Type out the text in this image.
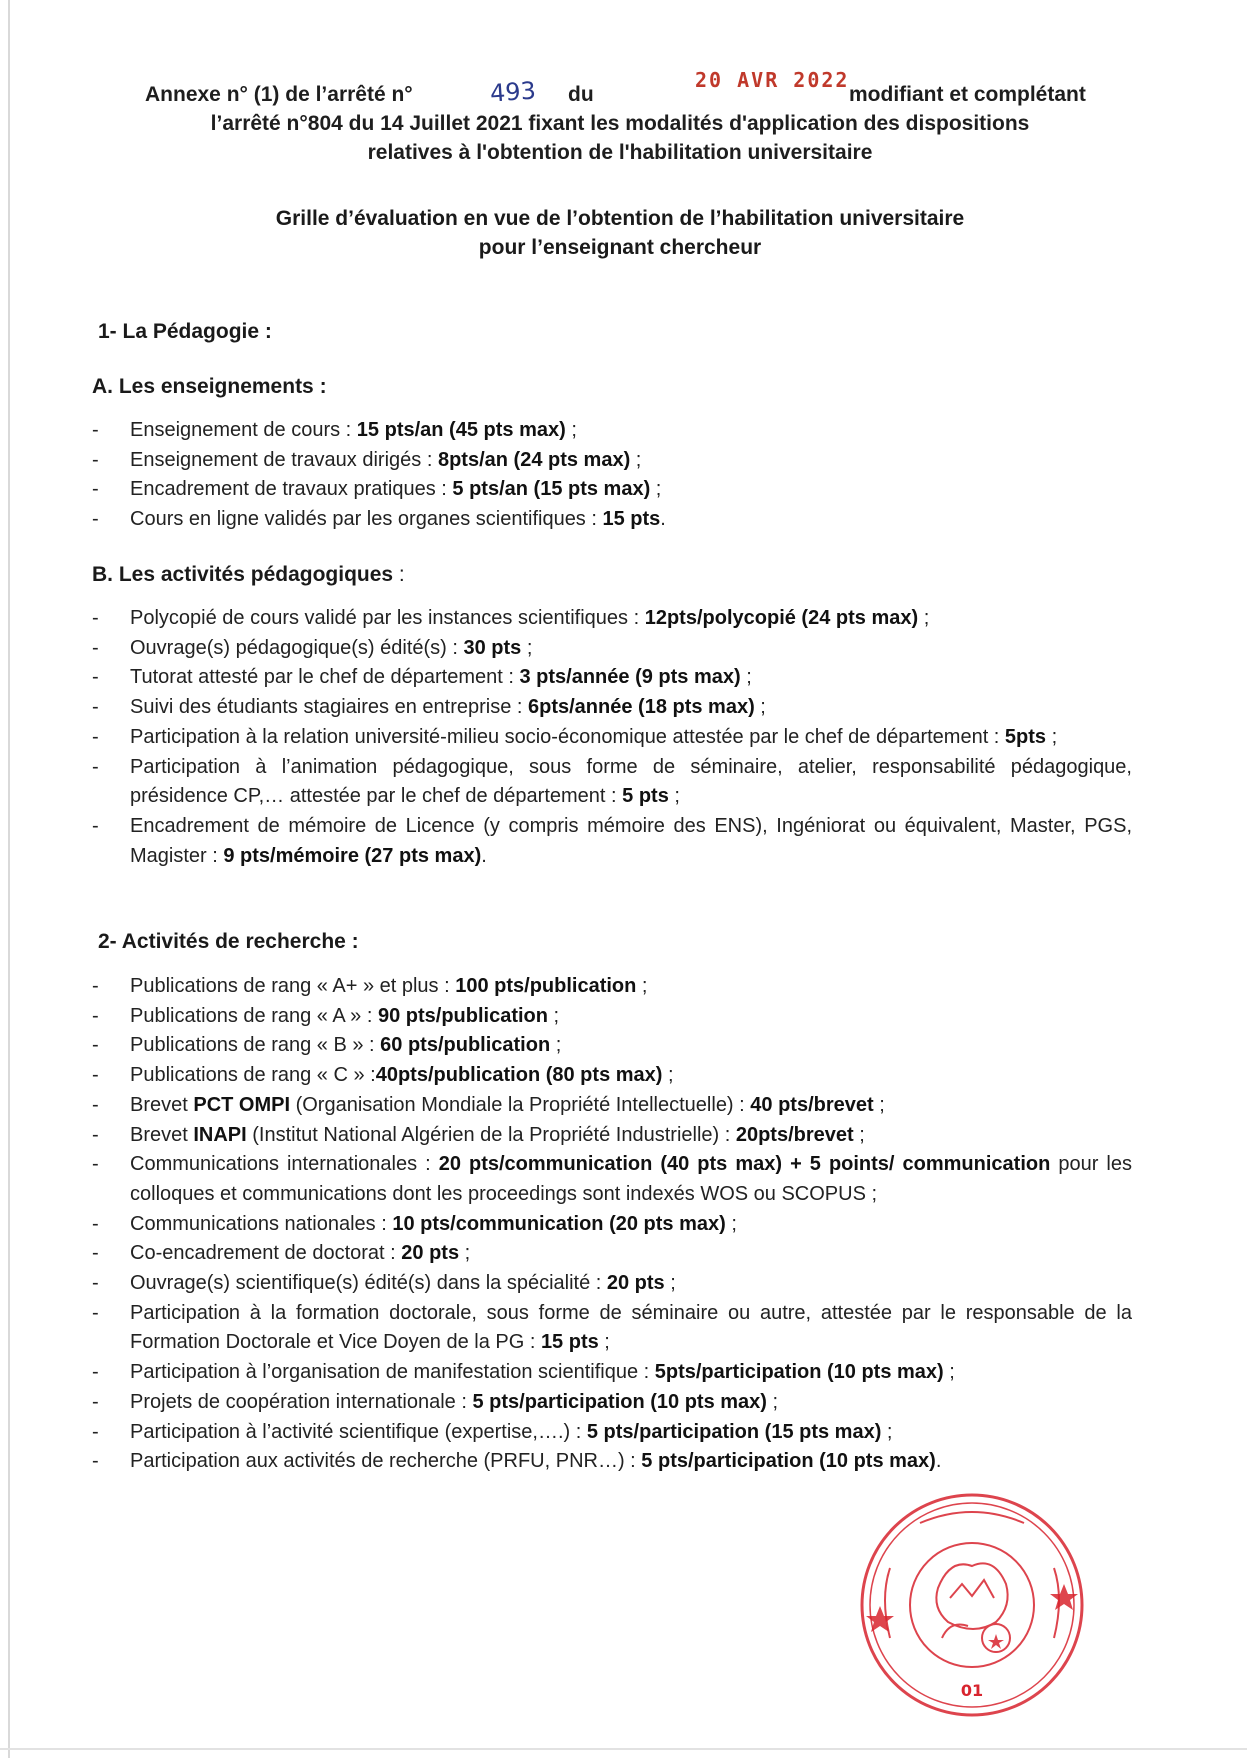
Annexe n° (1) de l’arrêté n°	du	modifiant et complétant
l’arrêté n°804 du 14 Juillet 2021 fixant les modalités d'application des dispositions
relatives à l'obtention de l'habilitation universitaire
493	20 AVR 2022
Grille d’évaluation en vue de l’obtention de l’habilitation universitaire
pour l’enseignant chercheur
1- La Pédagogie :
A. Les enseignements :
- Enseignement de cours : 15 pts/an (45 pts max) ;
- Enseignement de travaux dirigés : 8pts/an (24 pts max) ;
- Encadrement de travaux pratiques : 5 pts/an (15 pts max) ;
- Cours en ligne validés par les organes scientifiques : 15 pts.
B. Les activités pédagogiques :
- Polycopié de cours validé par les instances scientifiques : 12pts/polycopié (24 pts max) ;
- Ouvrage(s) pédagogique(s) édité(s) : 30 pts ;
- Tutorat attesté par le chef de département : 3 pts/année (9 pts max) ;
- Suivi des étudiants stagiaires en entreprise : 6pts/année (18 pts max) ;
- Participation à la relation université-milieu socio-économique attestée par le chef de département : 5pts ;
- Participation à l’animation pédagogique, sous forme de séminaire, atelier, responsabilité pédagogique, présidence CP,… attestée par le chef de département : 5 pts ;
- Encadrement de mémoire de Licence (y compris mémoire des ENS), Ingéniorat ou équivalent, Master, PGS, Magister : 9 pts/mémoire (27 pts max).
2- Activités de recherche :
- Publications de rang « A+ » et plus : 100 pts/publication ;
- Publications de rang « A » : 90 pts/publication ;
- Publications de rang « B » : 60 pts/publication ;
- Publications de rang « C » :40pts/publication (80 pts max) ;
- Brevet PCT OMPI (Organisation Mondiale la Propriété Intellectuelle) : 40 pts/brevet ;
- Brevet INAPI (Institut National Algérien de la Propriété Industrielle) : 20pts/brevet ;
- Communications internationales : 20 pts/communication (40 pts max) + 5 points/ communication pour les colloques et communications dont les proceedings sont indexés WOS ou SCOPUS ;
- Communications nationales : 10 pts/communication (20 pts max) ;
- Co-encadrement de doctorat : 20 pts ;
- Ouvrage(s) scientifique(s) édité(s) dans la spécialité : 20 pts ;
- Participation à la formation doctorale, sous forme de séminaire ou autre, attestée par le responsable de la Formation Doctorale et Vice Doyen de la PG : 15 pts ;
- Participation à l’organisation de manifestation scientifique : 5pts/participation (10 pts max) ;
- Projets de coopération internationale : 5 pts/participation (10 pts max) ;
- Participation à l’activité scientifique (expertise,….) : 5 pts/participation (15 pts max) ;
- Participation aux activités de recherche (PRFU, PNR…) : 5 pts/participation (10 pts max).
01
